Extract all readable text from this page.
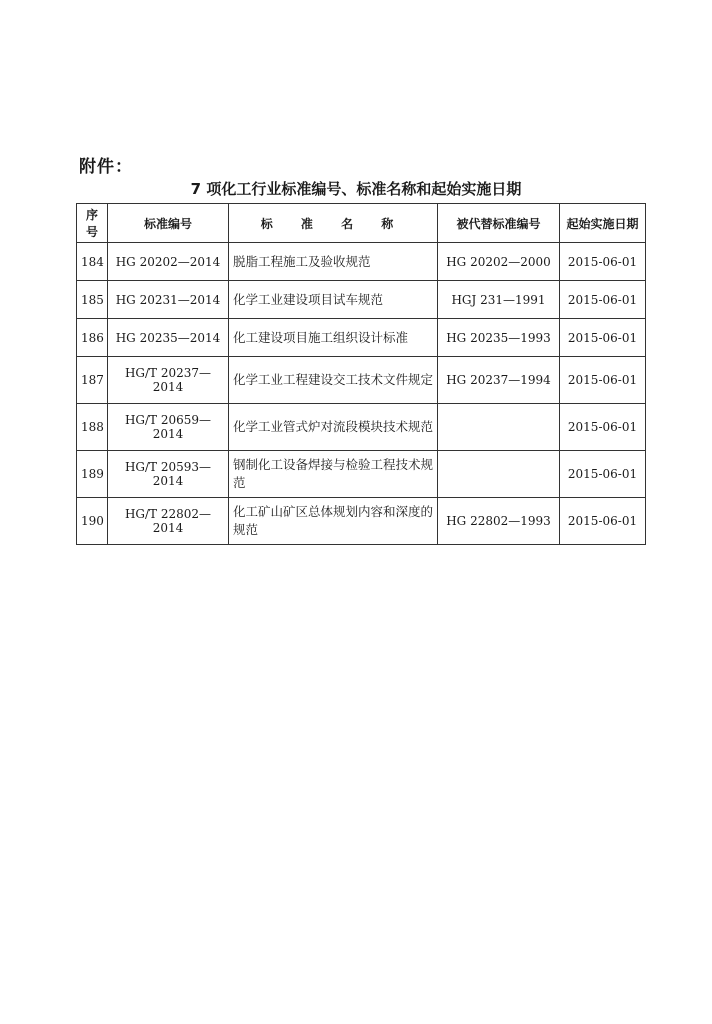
附件：
7 项化工行业标准编号、标准名称和起始实施日期
序号	标准编号	标 准 名 称	被代替标准编号	起始实施日期
184	HG 20202—2014	脱脂工程施工及验收规范	HG 20202—2000	2015-06-01
185	HG 20231—2014	化学工业建设项目试车规范	HGJ 231—1991	2015-06-01
186	HG 20235—2014	化工建设项目施工组织设计标准	HG 20235—1993	2015-06-01
187	HG/T 20237—2014	化学工业工程建设交工技术文件规定	HG 20237—1994	2015-06-01
188	HG/T 20659—2014	化学工业管式炉对流段模块技术规范		2015-06-01
189	HG/T 20593—2014	钢制化工设备焊接与检验工程技术规范		2015-06-01
190	HG/T 22802—2014	化工矿山矿区总体规划内容和深度的规范	HG 22802—1993	2015-06-01
